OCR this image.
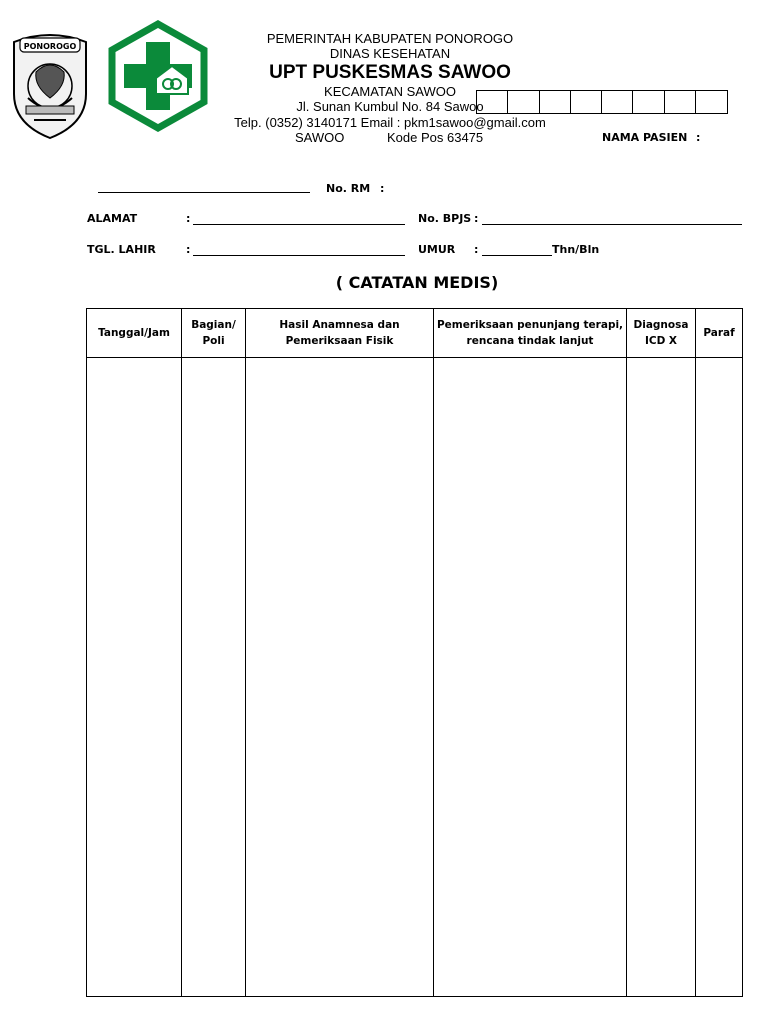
PONOROGO
PEMERINTAH KABUPATEN PONOROGO
DINAS KESEHATAN
UPT PUSKESMAS SAWOO
KECAMATAN SAWOO
Jl. Sunan Kumbul No. 84 Sawoo
Telp. (0352) 3140171 Email : pkm1sawoo@gmail.com
SAWOO	Kode Pos 63475	NAMA PASIEN :
No. RM :
ALAMAT	:	No. BPJS :
TGL. LAHIR	:	UMUR :	Thn/Bln
( CATATAN MEDIS)
Tanggal/Jam	Bagian/ Poli	Hasil Anamnesa dan Pemeriksaan Fisik	Pemeriksaan penunjang terapi, rencana tindak lanjut	Diagnosa ICD X	Paraf
